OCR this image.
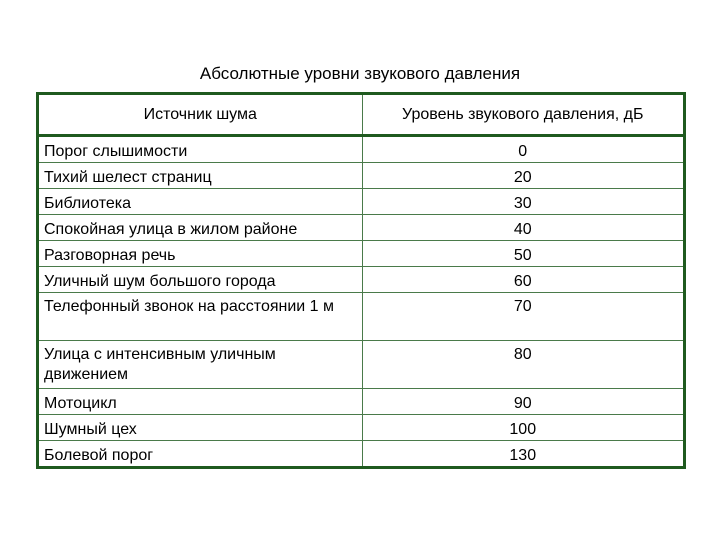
Абсолютные уровни звукового давления
Источник шума	Уровень звукового давления, дБ
Порог слышимости	0
Тихий шелест страниц	20
Библиотека	30
Спокойная улица в жилом районе	40
Разговорная речь	50
Уличный шум большого города	60
Телефонный звонок на расстоянии 1 м	70
Улица с интенсивным уличным движением	80
Мотоцикл	90
Шумный цех	100
Болевой порог	130
